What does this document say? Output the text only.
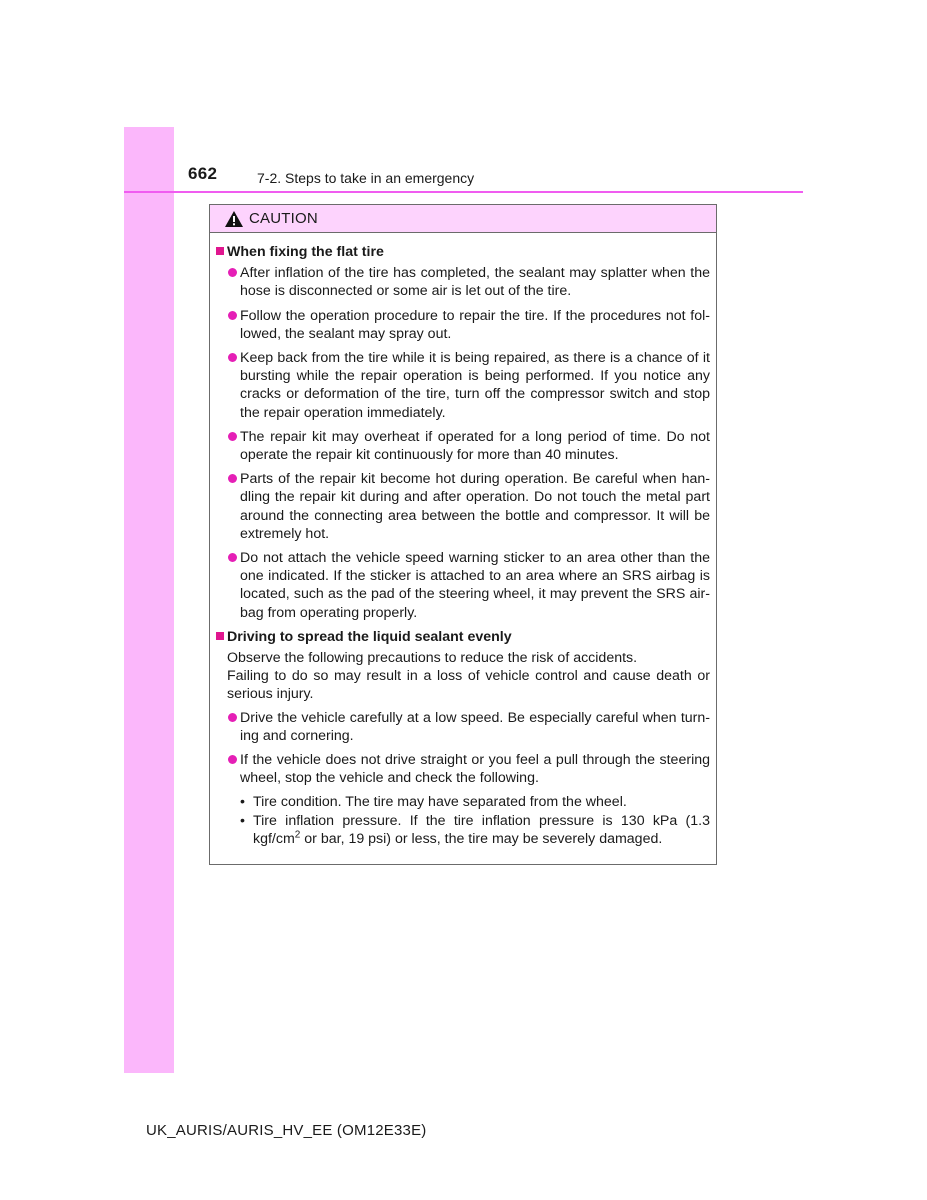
662	7-2. Steps to take in an emergency
CAUTION
When fixing the flat tire
After inflation of the tire has completed, the sealant may splatter when the hose is disconnected or some air is let out of the tire.
Follow the operation procedure to repair the tire. If the procedures not fol-lowed, the sealant may spray out.
Keep back from the tire while it is being repaired, as there is a chance of it bursting while the repair operation is being performed. If you notice any cracks or deformation of the tire, turn off the compressor switch and stop the repair operation immediately.
The repair kit may overheat if operated for a long period of time. Do not operate the repair kit continuously for more than 40 minutes.
Parts of the repair kit become hot during operation. Be careful when han-dling the repair kit during and after operation. Do not touch the metal part around the connecting area between the bottle and compressor. It will be extremely hot.
Do not attach the vehicle speed warning sticker to an area other than the one indicated. If the sticker is attached to an area where an SRS airbag is located, such as the pad of the steering wheel, it may prevent the SRS air-bag from operating properly.
Driving to spread the liquid sealant evenly
Observe the following precautions to reduce the risk of accidents.
Failing to do so may result in a loss of vehicle control and cause death or serious injury.
Drive the vehicle carefully at a low speed. Be especially careful when turn-ing and cornering.
If the vehicle does not drive straight or you feel a pull through the steering wheel, stop the vehicle and check the following.
• Tire condition. The tire may have separated from the wheel.
• Tire inflation pressure. If the tire inflation pressure is 130 kPa (1.3 kgf/$cm^2$ or bar, 19 psi) or less, the tire may be severely damaged.
UK_AURIS/AURIS_HV_EE (OM12E33E)
